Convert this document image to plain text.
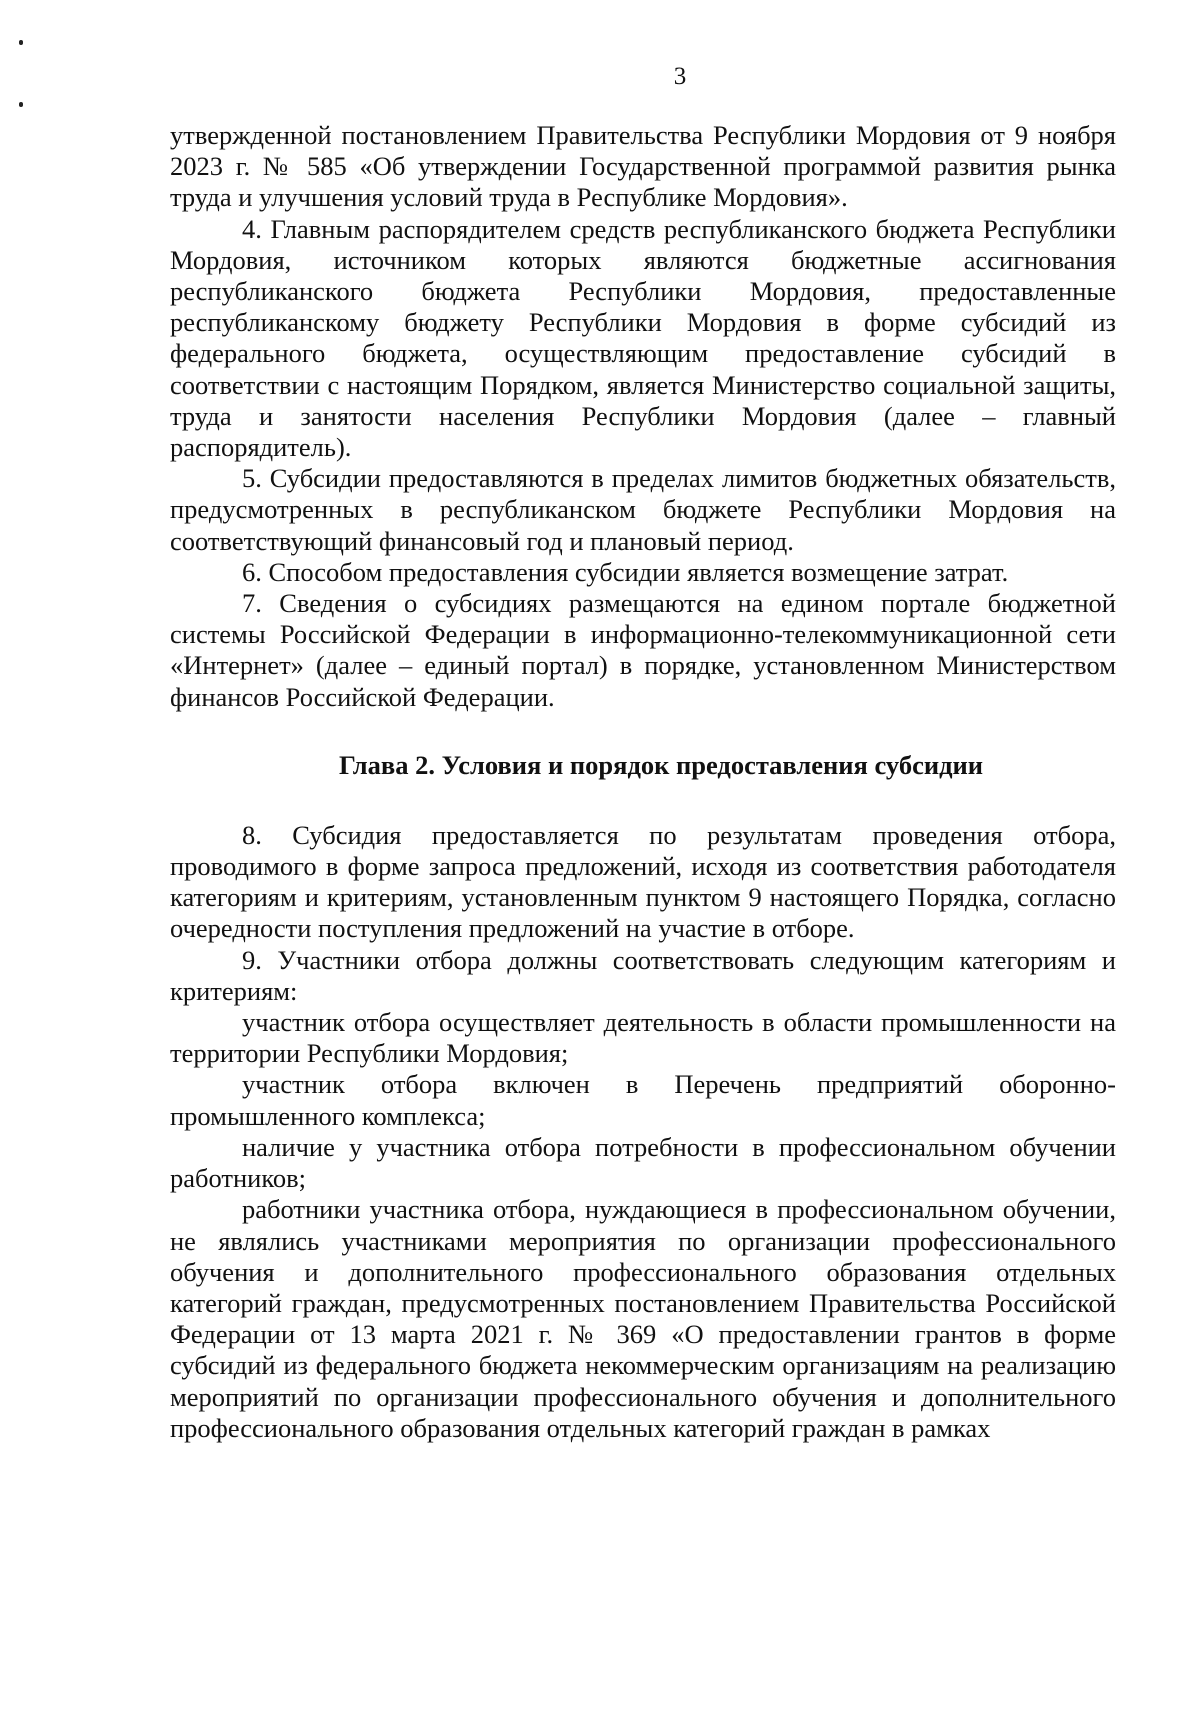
3

утвержденной постановлением Правительства Республики Мордовия от 9 ноября 2023 г. № 585 «Об утверждении Государственной программой развития рынка труда и улучшения условий труда в Республике Мордовия».

4. Главным распорядителем средств республиканского бюджета Республики Мордовия, источником которых являются бюджетные ассигнования республиканского бюджета Республики Мордовия, предоставленные республиканскому бюджету Республики Мордовия в форме субсидий из федерального бюджета, осуществляющим предоставление субсидий в соответствии с настоящим Порядком, является Министерство социальной защиты, труда и занятости населения Республики Мордовия (далее – главный распорядитель).

5. Субсидии предоставляются в пределах лимитов бюджетных обязательств, предусмотренных в республиканском бюджете Республики Мордовия на соответствующий финансовый год и плановый период.

6. Способом предоставления субсидии является возмещение затрат.

7. Сведения о субсидиях размещаются на едином портале бюджетной системы Российской Федерации в информационно-телекоммуникационной сети «Интернет» (далее – единый портал) в порядке, установленном Министерством финансов Российской Федерации.

Глава 2. Условия и порядок предоставления субсидии

8. Субсидия предоставляется по результатам проведения отбора, проводимого в форме запроса предложений, исходя из соответствия работодателя категориям и критериям, установленным пунктом 9 настоящего Порядка, согласно очередности поступления предложений на участие в отборе.

9. Участники отбора должны соответствовать следующим категориям и критериям:

участник отбора осуществляет деятельность в области промышленности на территории Республики Мордовия;

участник отбора включен в Перечень предприятий оборонно-промышленного комплекса;

наличие у участника отбора потребности в профессиональном обучении работников;

работники участника отбора, нуждающиеся в профессиональном обучении, не являлись участниками мероприятия по организации профессионального обучения и дополнительного профессионального образования отдельных категорий граждан, предусмотренных постановлением Правительства Российской Федерации от 13 марта 2021 г. № 369 «О предоставлении грантов в форме субсидий из федерального бюджета некоммерческим организациям на реализацию мероприятий по организации профессионального обучения и дополнительного профессионального образования отдельных категорий граждан в рамках
